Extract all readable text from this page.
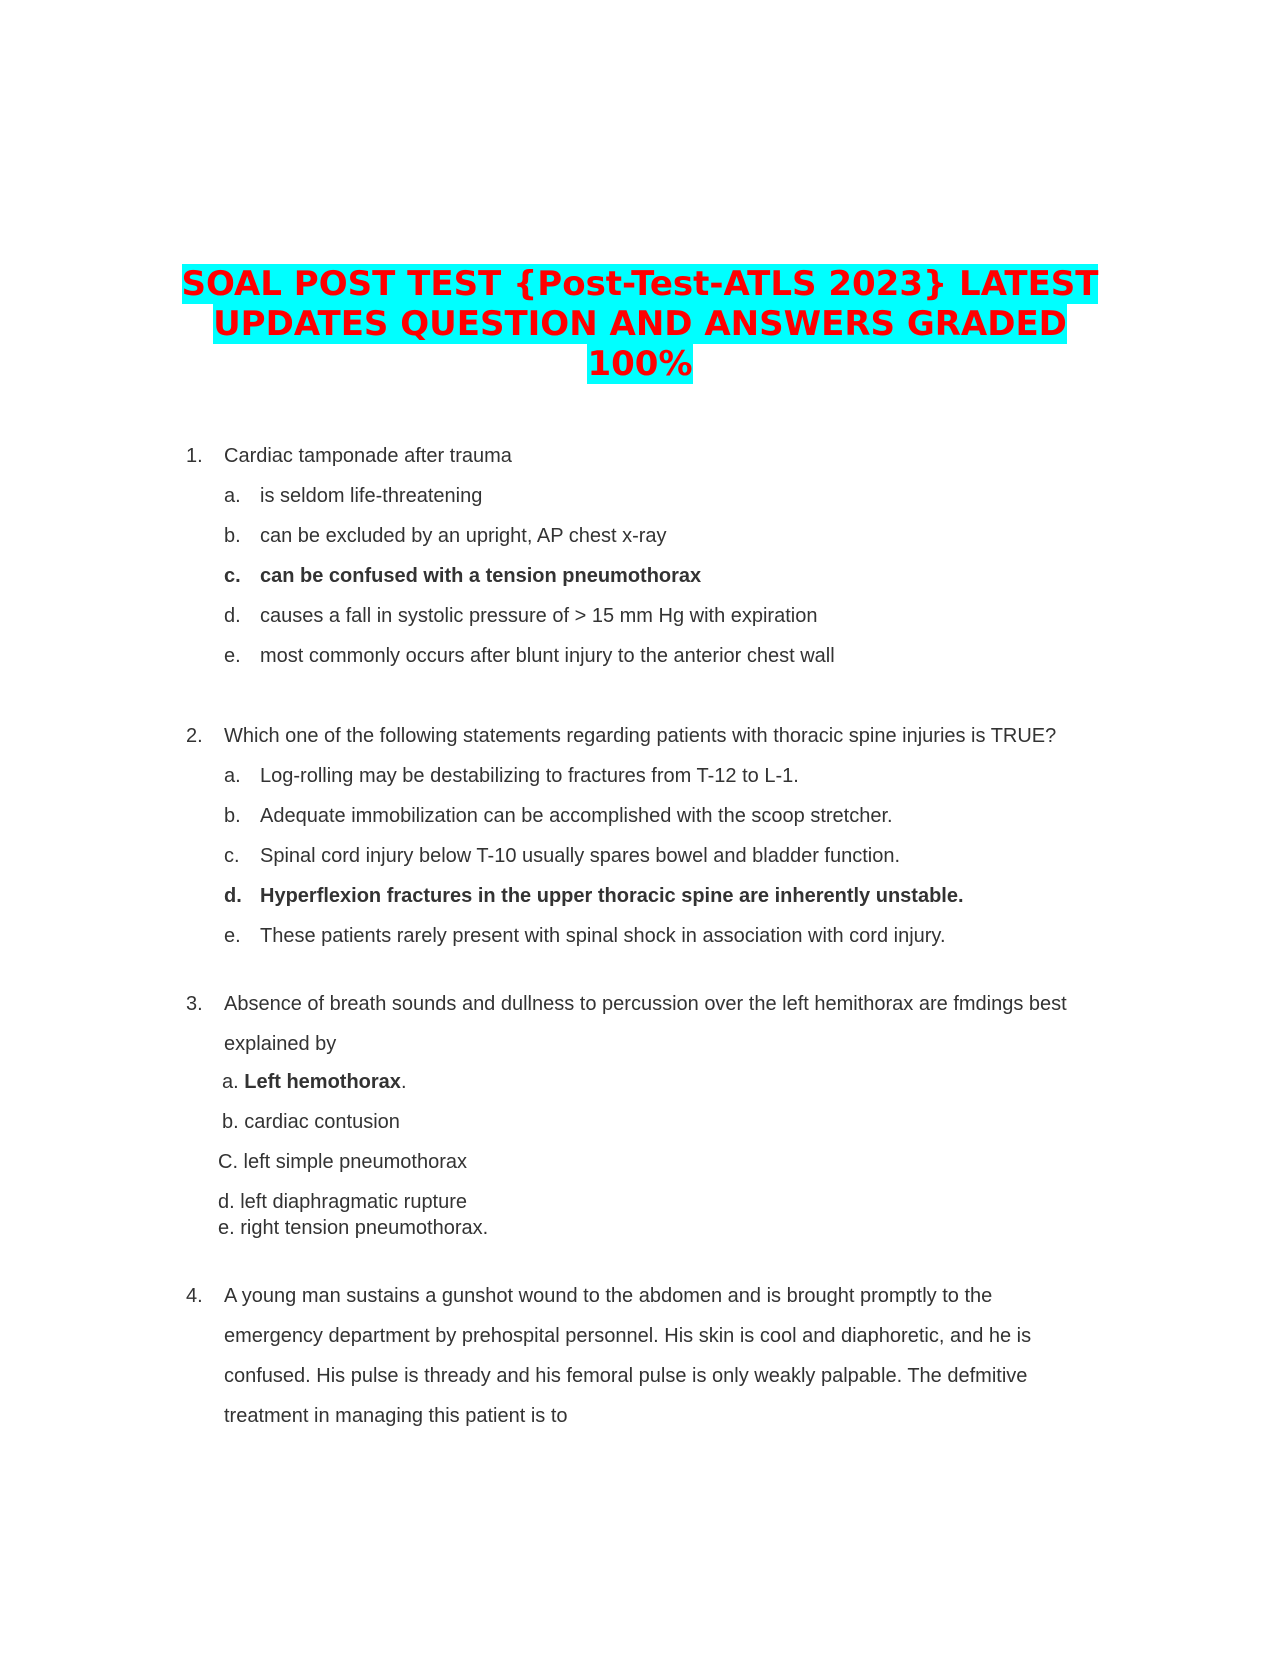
SOAL POST TEST {Post-Test-ATLS 2023} LATEST
UPDATES QUESTION AND ANSWERS GRADED
100%
1. Cardiac tamponade after trauma
a. is seldom life-threatening
b. can be excluded by an upright, AP chest x-ray
c. can be confused with a tension pneumothorax
d. causes a fall in systolic pressure of > 15 mm Hg with expiration
e. most commonly occurs after blunt injury to the anterior chest wall
2. Which one of the following statements regarding patients with thoracic spine injuries is TRUE?
a. Log-rolling may be destabilizing to fractures from T-12 to L-1.
b. Adequate immobilization can be accomplished with the scoop stretcher.
c. Spinal cord injury below T-10 usually spares bowel and bladder function.
d. Hyperflexion fractures in the upper thoracic spine are inherently unstable.
e. These patients rarely present with spinal shock in association with cord injury.
3. Absence of breath sounds and dullness to percussion over the left hemithorax are fmdings best
explained by
a. Left hemothorax.
b. cardiac contusion
C. left simple pneumothorax
d. left diaphragmatic rupture
e. right tension pneumothorax.
4. A young man sustains a gunshot wound to the abdomen and is brought promptly to the
emergency department by prehospital personnel. His skin is cool and diaphoretic, and he is
confused. His pulse is thready and his femoral pulse is only weakly palpable. The defmitive
treatment in managing this patient is to
